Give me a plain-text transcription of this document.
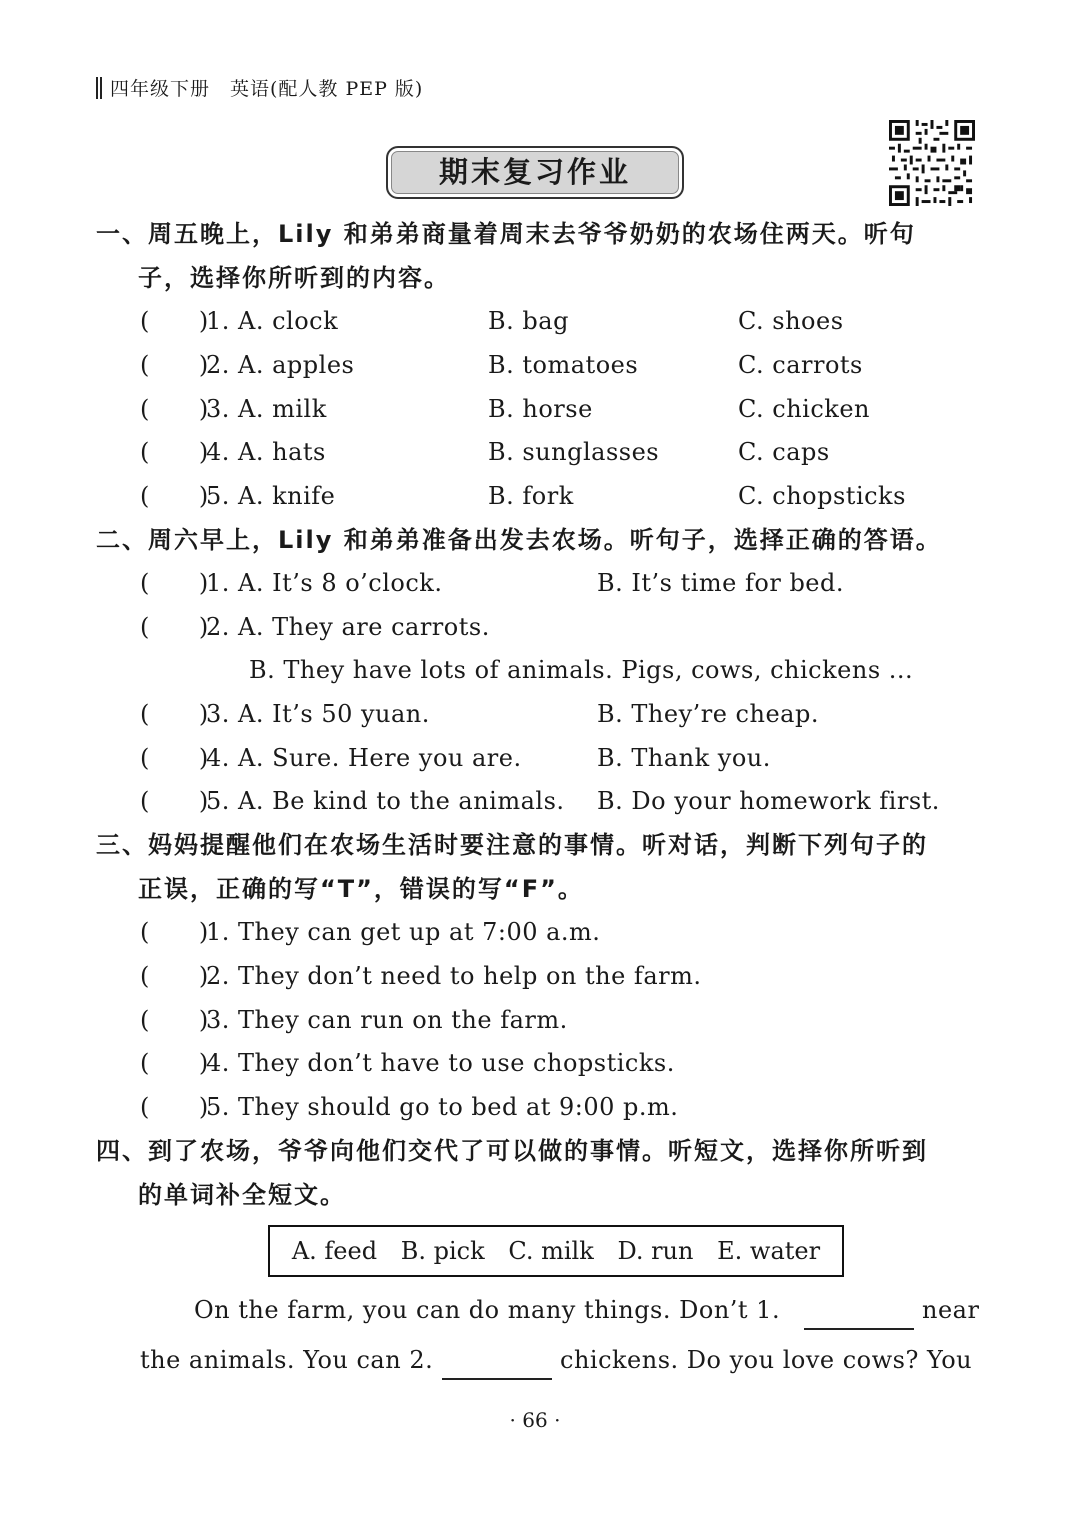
四年级下册　英语(配人教 PEP 版)
期末复习作业
一、周五晚上，Lily 和弟弟商量着周末去爷爷奶奶的农场住两天。听句
子，选择你所听到的内容。
(　　)
1. A. clock	B. bag	C. shoes
(　　)
2. A. apples	B. tomatoes	C. carrots
(　　)
3. A. milk	B. horse	C. chicken
(　　)
4. A. hats	B. sunglasses	C. caps
(　　)
5. A. knife	B. fork	C. chopsticks
二、周六早上，Lily 和弟弟准备出发去农场。听句子，选择正确的答语。
(　　)
1. A. It’s 8 o’clock.	B. It’s time for bed.
(　　)
2. A. They are carrots.
B. They have lots of animals. Pigs, cows, chickens ...
(　　)
3. A. It’s 50 yuan.	B. They’re cheap.
(　　)
4. A. Sure. Here you are.	B. Thank you.
(　　)
5. A. Be kind to the animals. B. Do your homework first.
三、妈妈提醒他们在农场生活时要注意的事情。听对话，判断下列句子的
正误，正确的写“T”，错误的写“F”。
(　　)
1. They can get up at 7:00 a.m.
(　　)
2. They don’t need to help on the farm.
(　　)
3. They can run on the farm.
(　　)
4. They don’t have to use chopsticks.
(　　)
5. They should go to bed at 9:00 p.m.
四、到了农场，爷爷向他们交代了可以做的事情。听短文，选择你所听到
的单词补全短文。
A. feed B. pick C. milk D. run E. water
On the farm, you can do many things. Don’t 1.	near
the animals. You can 2.	chickens. Do you love cows? You
· 66 ·
